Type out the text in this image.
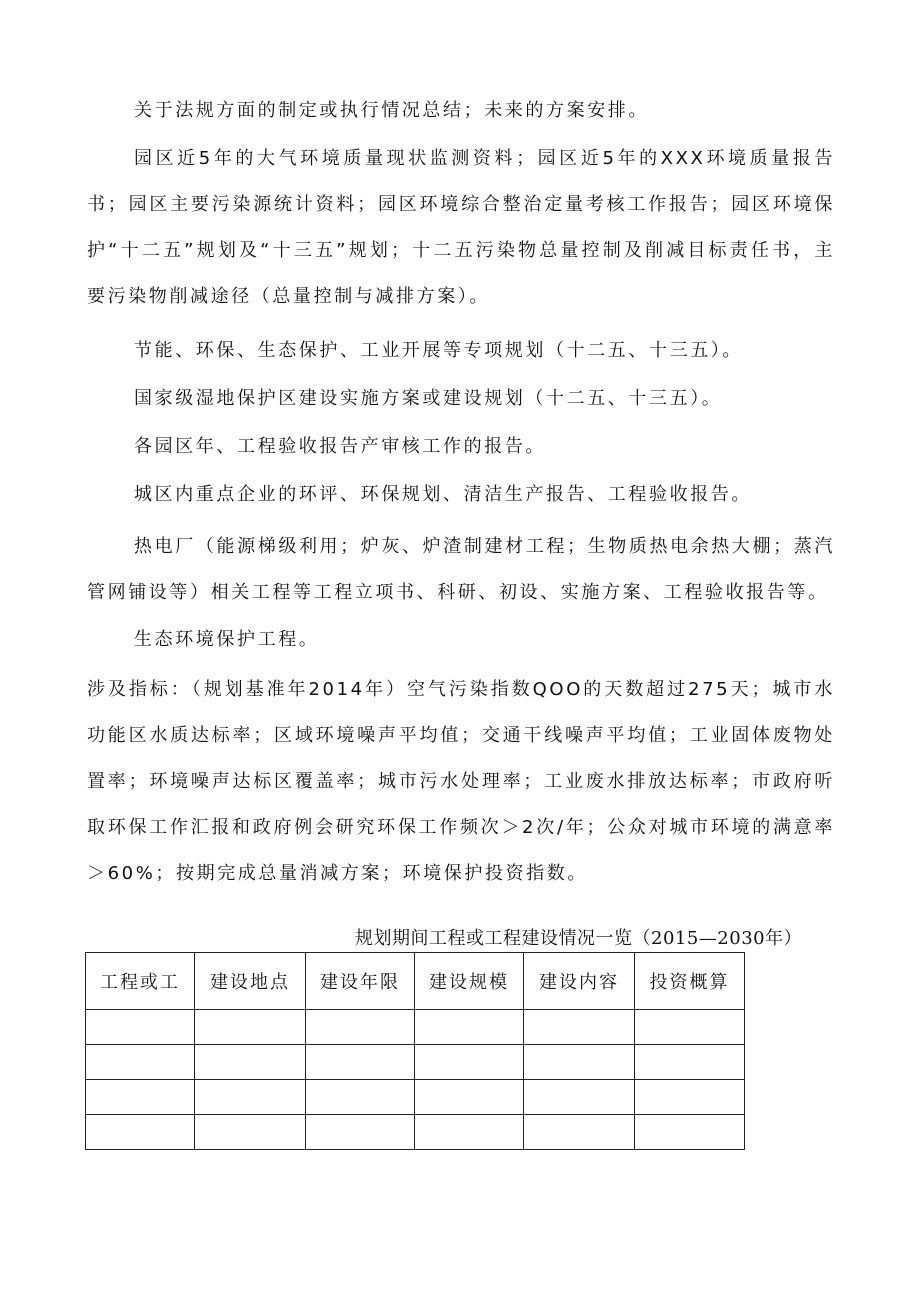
关于法规方面的制定或执行情况总结；未来的方案安排。

园区近5年的大气环境质量现状监测资料；园区近5年的XXX环境质量报告书；园区主要污染源统计资料；园区环境综合整治定量考核工作报告；园区环境保护“十二五”规划及“十三五”规划；十二五污染物总量控制及削减目标责任书，主要污染物削减途径（总量控制与减排方案）。

节能、环保、生态保护、工业开展等专项规划（十二五、十三五）。

国家级湿地保护区建设实施方案或建设规划（十二五、十三五）。

各园区年、工程验收报告产审核工作的报告。

城区内重点企业的环评、环保规划、清洁生产报告、工程验收报告。

热电厂（能源梯级利用；炉灰、炉渣制建材工程；生物质热电余热大棚；蒸汽管网铺设等）相关工程等工程立项书、科研、初设、实施方案、工程验收报告等。

生态环境保护工程。

涉及指标：（规划基准年2014年）空气污染指数QOO的天数超过275天；城市水功能区水质达标率；区域环境噪声平均值；交通干线噪声平均值；工业固体废物处置率；环境噪声达标区覆盖率；城市污水处理率；工业废水排放达标率；市政府听取环保工作汇报和政府例会研究环保工作频次＞2次/年；公众对城市环境的满意率＞60%；按期完成总量消减方案；环境保护投资指数。

规划期间工程或工程建设情况一览（2015—2030年）

工程或工	建设地点	建设年限	建设规模	建设内容	投资概算
